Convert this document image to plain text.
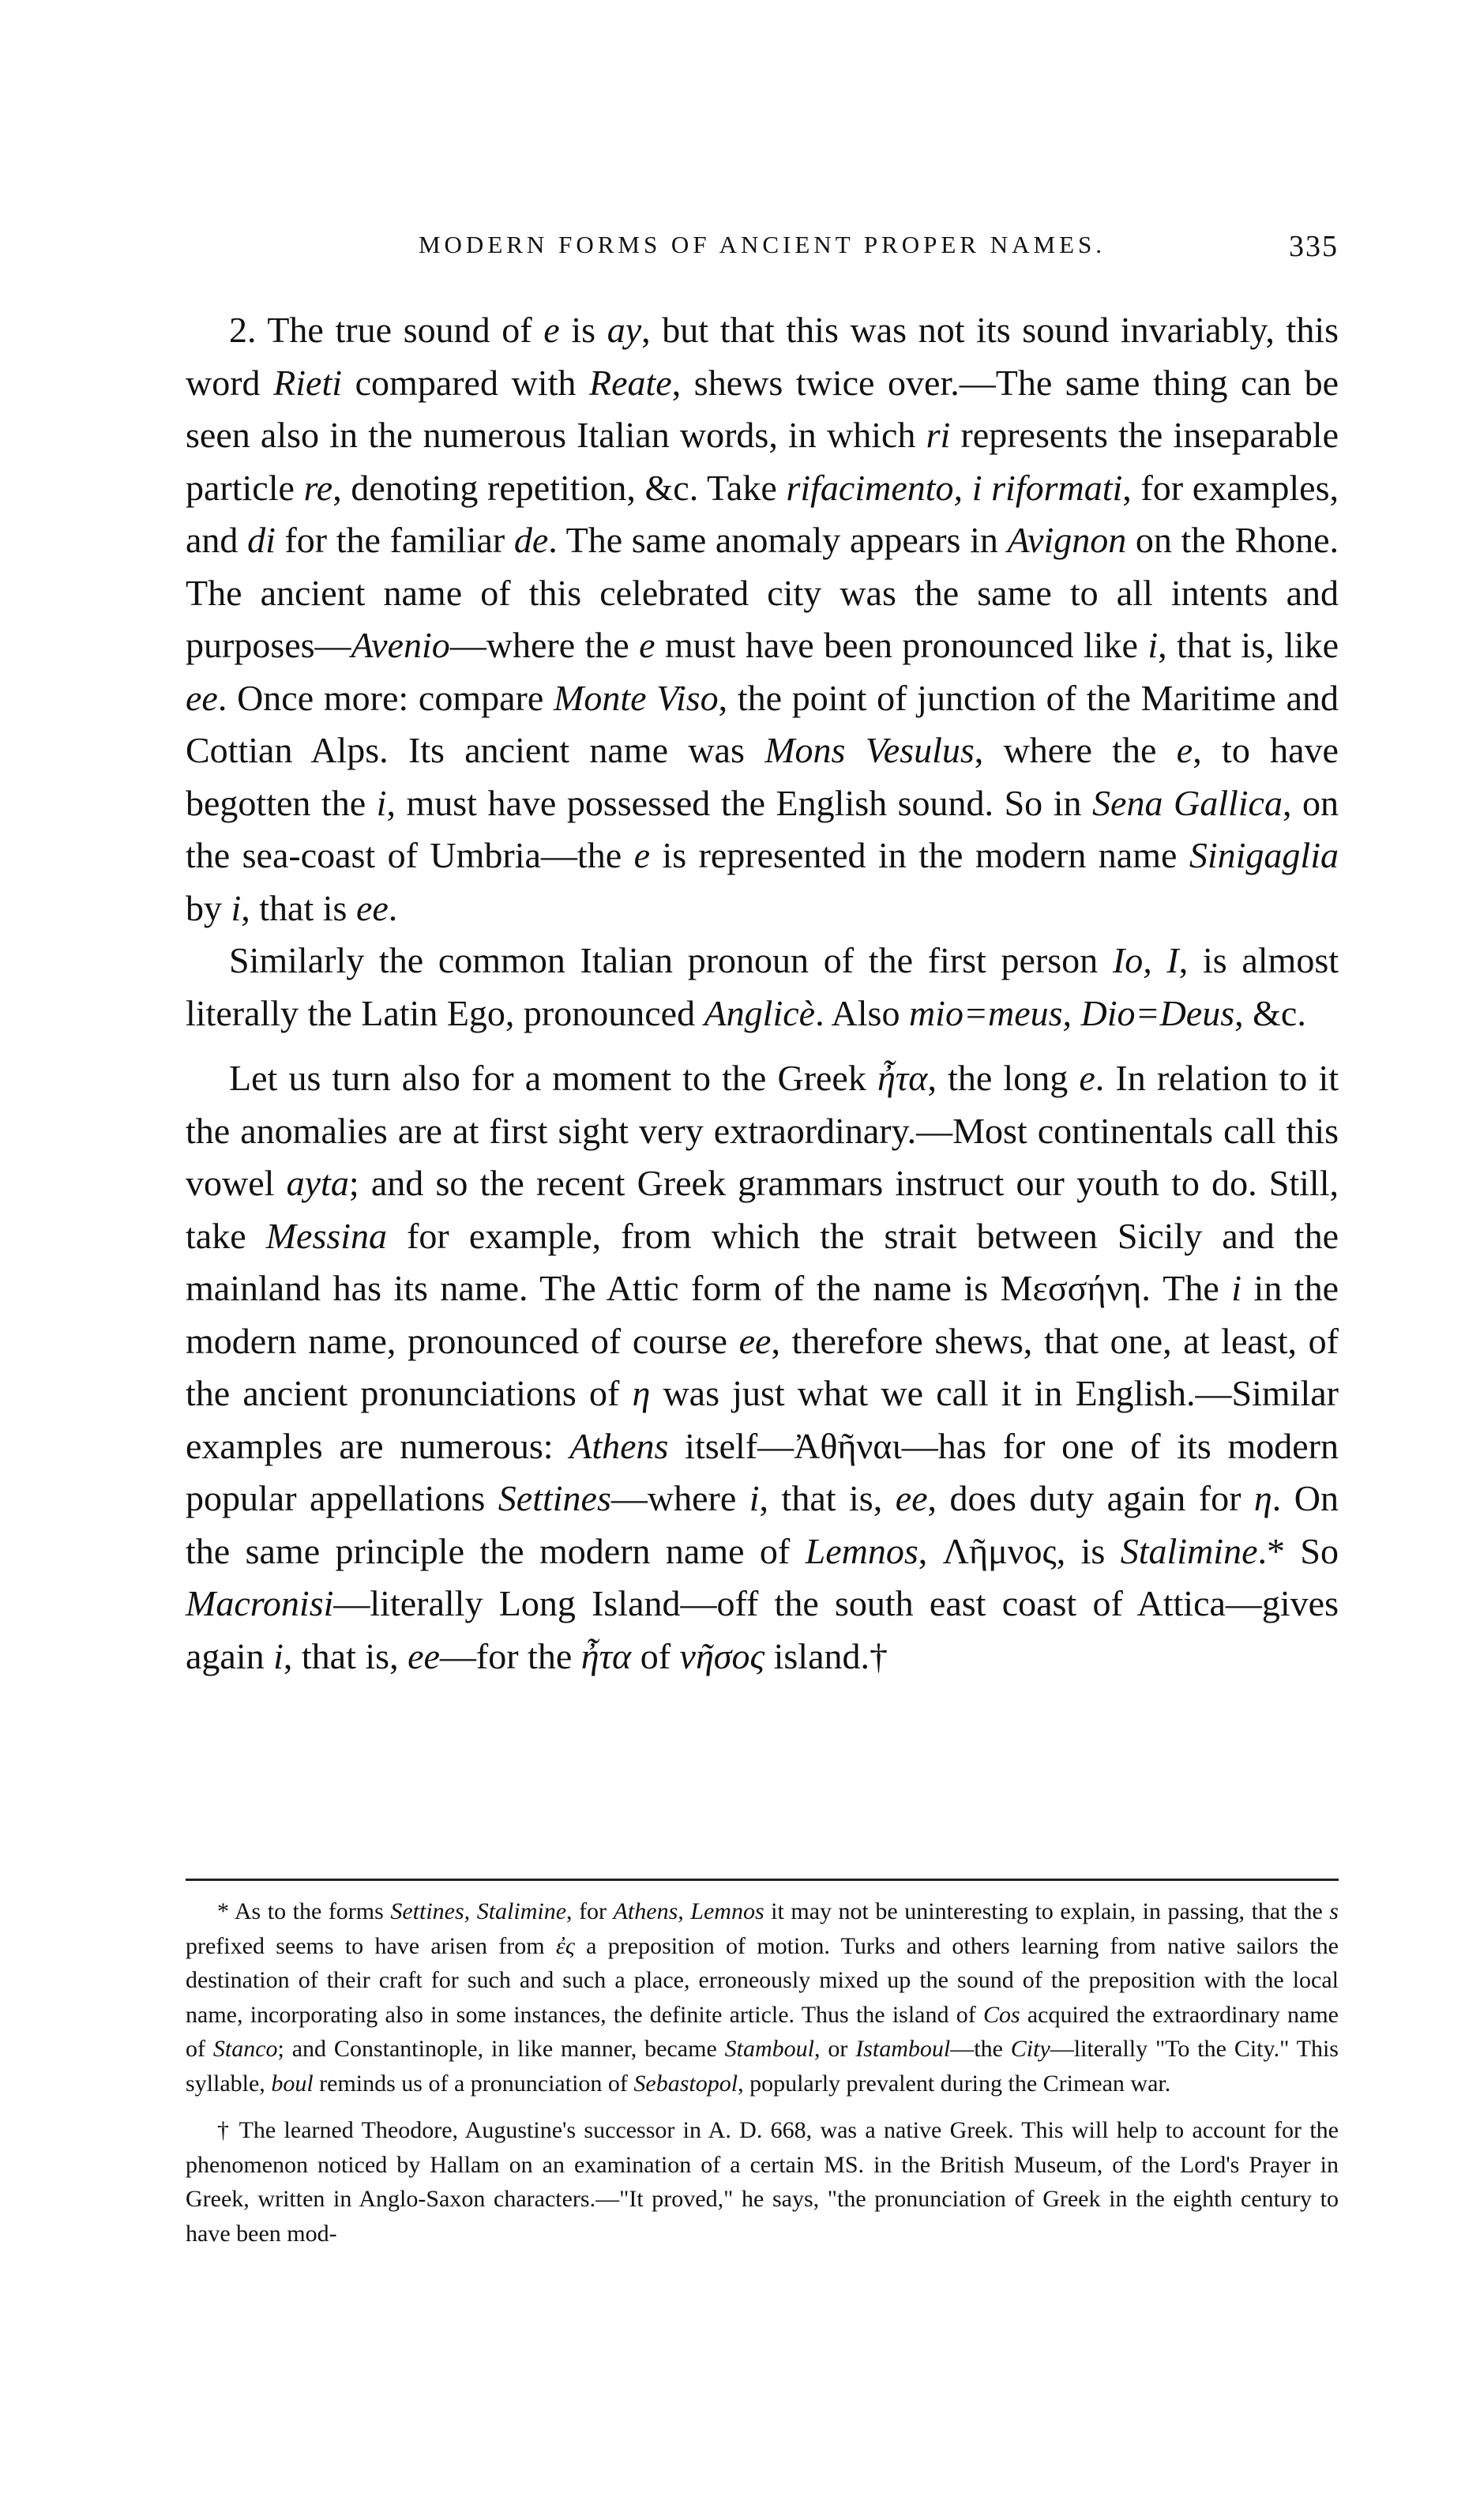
MODERN FORMS OF ANCIENT PROPER NAMES.	335

2. The true sound of e is ay, but that this was not its sound invariably, this word Rieti compared with Reate, shews twice over.—The same thing can be seen also in the numerous Italian words, in which ri represents the inseparable particle re, denoting repetition, &c. Take rifacimento, i riformati, for examples, and di for the familiar de. The same anomaly appears in Avignon on the Rhone. The ancient name of this celebrated city was the same to all intents and purposes—Avenio—where the e must have been pronounced like i, that is, like ee. Once more: compare Monte Viso, the point of junction of the Maritime and Cottian Alps. Its ancient name was Mons Vesulus, where the e, to have begotten the i, must have possessed the English sound. So in Sena Gallica, on the sea-coast of Umbria—the e is represented in the modern name Sinigaglia by i, that is ee.

Similarly the common Italian pronoun of the first person Io, I, is almost literally the Latin Ego, pronounced Anglicè. Also mio=meus, Dio=Deus, &c.

Let us turn also for a moment to the Greek ἦτα, the long e. In relation to it the anomalies are at first sight very extraordinary.—Most continentals call this vowel ayta; and so the recent Greek grammars instruct our youth to do. Still, take Messina for example, from which the strait between Sicily and the mainland has its name. The Attic form of the name is Μεσσήνη. The i in the modern name, pronounced of course ee, therefore shews, that one, at least, of the ancient pronunciations of η was just what we call it in English.—Similar examples are numerous: Athens itself—Ἀθῆναι—has for one of its modern popular appellations Settines—where i, that is, ee, does duty again for η. On the same principle the modern name of Lemnos, Λῆμνος, is Stalimine.* So Macronisi—literally Long Island—off the south east coast of Attica—gives again i, that is, ee—for the ἦτα of νῆσος island.†

* As to the forms Settines, Stalimine, for Athens, Lemnos it may not be uninteresting to explain, in passing, that the s prefixed seems to have arisen from ἐς a preposition of motion. Turks and others learning from native sailors the destination of their craft for such and such a place, erroneously mixed up the sound of the preposition with the local name, incorporating also in some instances, the definite article. Thus the island of Cos acquired the extraordinary name of Stanco; and Constantinople, in like manner, became Stamboul, or Istamboul—the City—literally "To the City." This syllable, boul reminds us of a pronunciation of Sebastopol, popularly prevalent during the Crimean war.

† The learned Theodore, Augustine's successor in A. D. 668, was a native Greek. This will help to account for the phenomenon noticed by Hallam on an examination of a certain MS. in the British Museum, of the Lord's Prayer in Greek, written in Anglo-Saxon characters.—"It proved," he says, "the pronunciation of Greek in the eighth century to have been mod-
